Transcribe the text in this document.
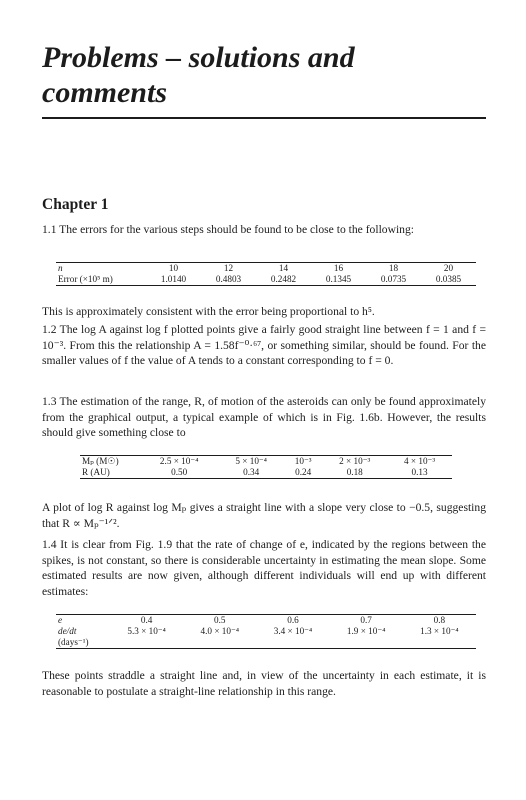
Problems – solutions and comments
Chapter 1

1.1 The errors for the various steps should be found to be close to the following:

n	10	12	14	16	18	20
Error (×10⁵ m)	1.0140	0.4803	0.2482	0.1345	0.0735	0.0385

This is approximately consistent with the error being proportional to h⁵.

1.2 The log A against log f plotted points give a fairly good straight line between f = 1 and f = 10⁻³. From this the relationship A = 1.58f⁻⁰·⁶⁷, or something similar, should be found. For the smaller values of f the value of A tends to a constant corresponding to f = 0.

1.3 The estimation of the range, R, of motion of the asteroids can only be found approximately from the graphical output, a typical example of which is in Fig. 1.6b. However, the results should give something close to

Mₚ (M☉)	2.5 × 10⁻⁴	5 × 10⁻⁴	10⁻³	2 × 10⁻³	4 × 10⁻³
R (AU)	0.50	0.34	0.24	0.18	0.13

A plot of log R against log Mₚ gives a straight line with a slope very close to −0.5, suggesting that R ∝ Mₚ⁻¹ᐟ².

1.4 It is clear from Fig. 1.9 that the rate of change of e, indicated by the regions between the spikes, is not constant, so there is considerable uncertainty in estimating the mean slope. Some estimated results are now given, although different individuals will end up with different estimates:

e	0.4	0.5	0.6	0.7	0.8
de/dt	5.3 × 10⁻⁴	4.0 × 10⁻⁴	3.4 × 10⁻⁴	1.9 × 10⁻⁴	1.3 × 10⁻⁴
(days⁻¹)					

These points straddle a straight line and, in view of the uncertainty in each estimate, it is reasonable to postulate a straight-line relationship in this range.
